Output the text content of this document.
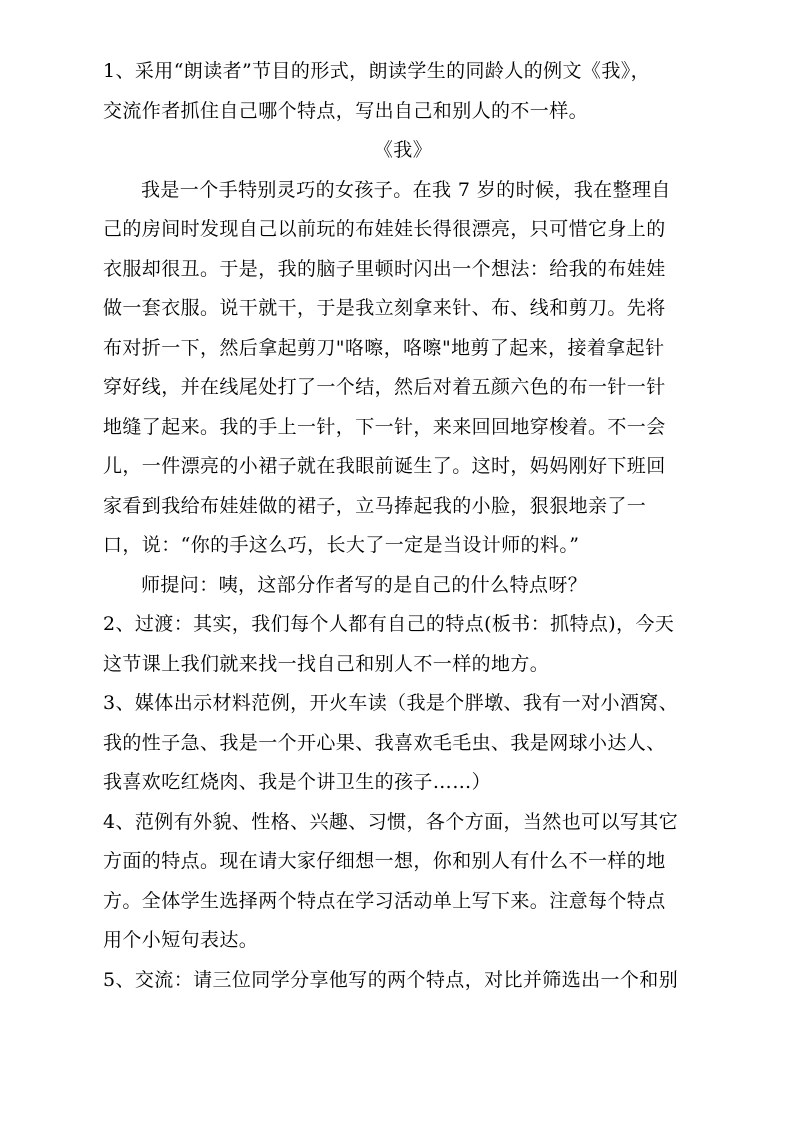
1、采用“朗读者”节目的形式，朗读学生的同龄人的例文《我》，

交流作者抓住自己哪个特点，写出自己和别人的不一样。

《我》

我是一个手特别灵巧的女孩子。在我 7 岁的时候，我在整理自

己的房间时发现自己以前玩的布娃娃长得很漂亮，只可惜它身上的

衣服却很丑。于是，我的脑子里顿时闪出一个想法：给我的布娃娃

做一套衣服。说干就干，于是我立刻拿来针、布、线和剪刀。先将

布对折一下，然后拿起剪刀"咯嚓，咯嚓"地剪了起来，接着拿起针

穿好线，并在线尾处打了一个结，然后对着五颜六色的布一针一针

地缝了起来。我的手上一针，下一针，来来回回地穿梭着。不一会

儿，一件漂亮的小裙子就在我眼前诞生了。这时，妈妈刚好下班回

家看到我给布娃娃做的裙子，立马捧起我的小脸，狠狠地亲了一

口，说：“你的手这么巧，长大了一定是当设计师的料。”

师提问：咦，这部分作者写的是自己的什么特点呀？

2、过渡：其实，我们每个人都有自己的特点(板书：抓特点)，今天

这节课上我们就来找一找自己和别人不一样的地方。

3、媒体出示材料范例，开火车读（我是个胖墩、我有一对小酒窝、

我的性子急、我是一个开心果、我喜欢毛毛虫、我是网球小达人、

我喜欢吃红烧肉、我是个讲卫生的孩子……）

4、范例有外貌、性格、兴趣、习惯，各个方面，当然也可以写其它

方面的特点。现在请大家仔细想一想，你和别人有什么不一样的地

方。全体学生选择两个特点在学习活动单上写下来。注意每个特点

用个小短句表达。

5、交流：请三位同学分享他写的两个特点，对比并筛选出一个和别
